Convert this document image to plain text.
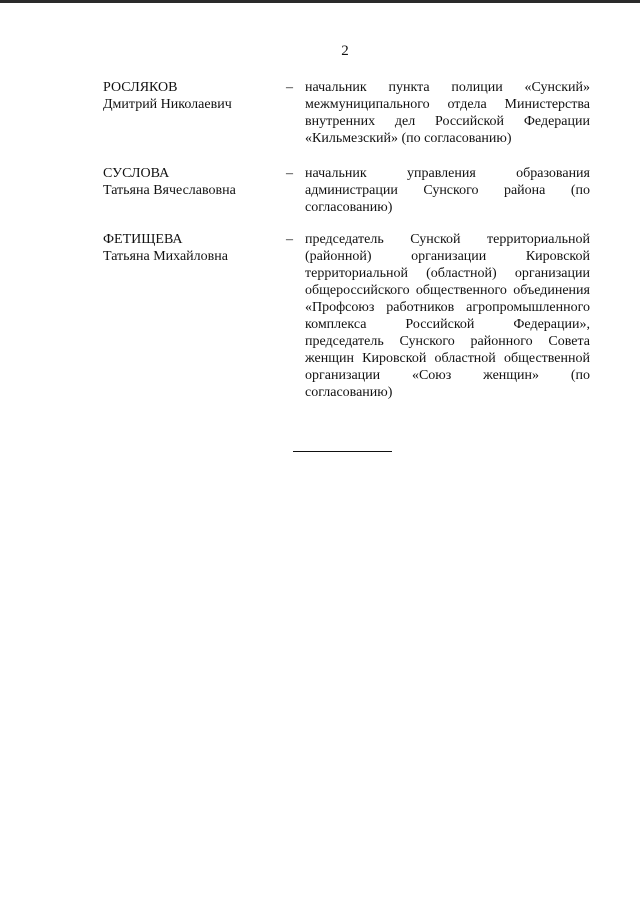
2
РОСЛЯКОВ
Дмитрий Николаевич
– начальник пункта полиции «Сунский» межмуниципального отдела Министерства внутренних дел Российской Федерации «Кильмезский» (по согласованию)
СУСЛОВА
Татьяна Вячеславовна
– начальник управления образования администрации Сунского района (по согласованию)
ФЕТИЩЕВА
Татьяна Михайловна
– председатель Сунской территориальной (районной) организации Кировской территориальной (областной) организации общероссийского общественного объединения «Профсоюз работников агропромышленного комплекса Российской Федерации», председатель Сунского районного Совета женщин Кировской областной общественной организации «Союз женщин» (по согласованию)
